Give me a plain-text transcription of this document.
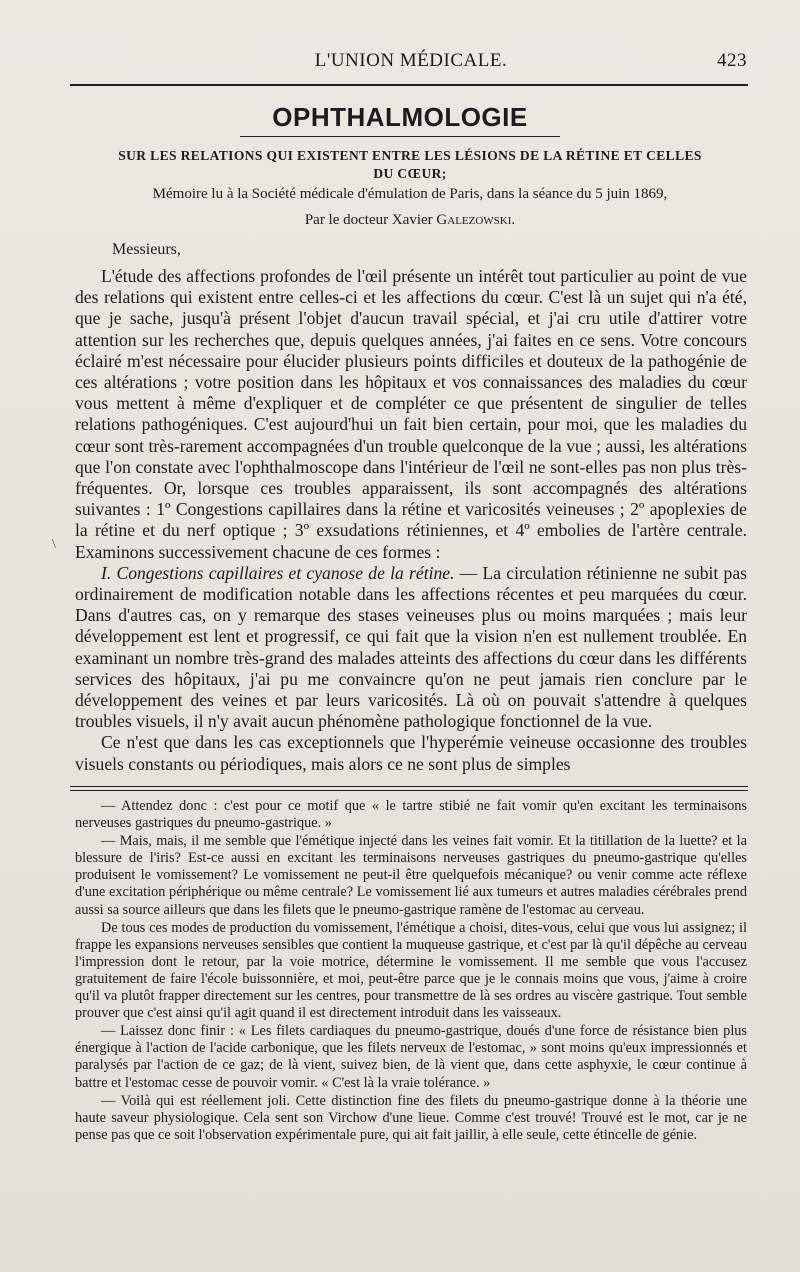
L'UNION MÉDICALE.	423
OPHTHALMOLOGIE
SUR LES RELATIONS QUI EXISTENT ENTRE LES LÉSIONS DE LA RÉTINE ET CELLES
DU CŒUR;
Mémoire lu à la Société médicale d'émulation de Paris, dans la séance du 5 juin 1869,
Par le docteur Xavier Galezowski.
Messieurs,
\

L'étude des affections profondes de l'œil présente un intérêt tout particulier au point de vue des relations qui existent entre celles-ci et les affections du cœur. C'est là un sujet qui n'a été, que je sache, jusqu'à présent l'objet d'aucun travail spécial, et j'ai cru utile d'attirer votre attention sur les recherches que, depuis quelques années, j'ai faites en ce sens. Votre concours éclairé m'est nécessaire pour élucider plusieurs points difficiles et douteux de la pathogénie de ces altérations ; votre position dans les hôpitaux et vos connaissances des maladies du cœur vous mettent à même d'expliquer et de compléter ce que présentent de singulier de telles relations pathogéniques. C'est aujourd'hui un fait bien certain, pour moi, que les maladies du cœur sont très-rarement accompagnées d'un trouble quelconque de la vue ; aussi, les altérations que l'on constate avec l'ophthalmoscope dans l'intérieur de l'œil ne sont-elles pas non plus très-fréquentes. Or, lorsque ces troubles apparaissent, ils sont accompagnés des altérations suivantes : 1º Congestions capillaires dans la rétine et varicosités veineuses ; 2º apoplexies de la rétine et du nerf optique ; 3º exsudations rétiniennes, et 4º embolies de l'artère centrale. Examinons successivement chacune de ces formes :

I. Congestions capillaires et cyanose de la rétine. — La circulation rétinienne ne subit pas ordinairement de modification notable dans les affections récentes et peu marquées du cœur. Dans d'autres cas, on y remarque des stases veineuses plus ou moins marquées ; mais leur développement est lent et progressif, ce qui fait que la vision n'en est nullement troublée. En examinant un nombre très-grand des malades atteints des affections du cœur dans les différents services des hôpitaux, j'ai pu me convaincre qu'on ne peut jamais rien conclure par le développement des veines et par leurs varicosités. Là où on pouvait s'attendre à quelques troubles visuels, il n'y avait aucun phénomène pathologique fonctionnel de la vue.

Ce n'est que dans les cas exceptionnels que l'hyperémie veineuse occasionne des troubles visuels constants ou périodiques, mais alors ce ne sont plus de simples

— Attendez donc : c'est pour ce motif que « le tartre stibié ne fait vomir qu'en excitant les terminaisons nerveuses gastriques du pneumo-gastrique. »

— Mais, mais, il me semble que l'émétique injecté dans les veines fait vomir. Et la titillation de la luette? et la blessure de l'iris? Est-ce aussi en excitant les terminaisons nerveuses gastriques du pneumo-gastrique qu'elles produisent le vomissement? Le vomissement ne peut-il être quelquefois mécanique? ou venir comme acte réflexe d'une excitation périphérique ou même centrale? Le vomissement lié aux tumeurs et autres maladies cérébrales prend aussi sa source ailleurs que dans les filets que le pneumo-gastrique ramène de l'estomac au cerveau.

De tous ces modes de production du vomissement, l'émétique a choisi, dites-vous, celui que vous lui assignez; il frappe les expansions nerveuses sensibles que contient la muqueuse gastrique, et c'est par là qu'il dépêche au cerveau l'impression dont le retour, par la voie motrice, détermine le vomissement. Il me semble que vous l'accusez gratuitement de faire l'école buissonnière, et moi, peut-être parce que je le connais moins que vous, j'aime à croire qu'il va plutôt frapper directement sur les centres, pour transmettre de là ses ordres au viscère gastrique. Tout semble prouver que c'est ainsi qu'il agit quand il est directement introduit dans les vaisseaux.

— Laissez donc finir : « Les filets cardiaques du pneumo-gastrique, doués d'une force de résistance bien plus énergique à l'action de l'acide carbonique, que les filets nerveux de l'estomac, » sont moins qu'eux impressionnés et paralysés par l'action de ce gaz; de là vient, suivez bien, de là vient que, dans cette asphyxie, le cœur continue à battre et l'estomac cesse de pouvoir vomir. « C'est là la vraie tolérance. »

— Voilà qui est réellement joli. Cette distinction fine des filets du pneumo-gastrique donne à la théorie une haute saveur physiologique. Cela sent son Virchow d'une lieue. Comme c'est trouvé! Trouvé est le mot, car je ne pense pas que ce soit l'observation expérimentale pure, qui ait fait jaillir, à elle seule, cette étincelle de génie.
